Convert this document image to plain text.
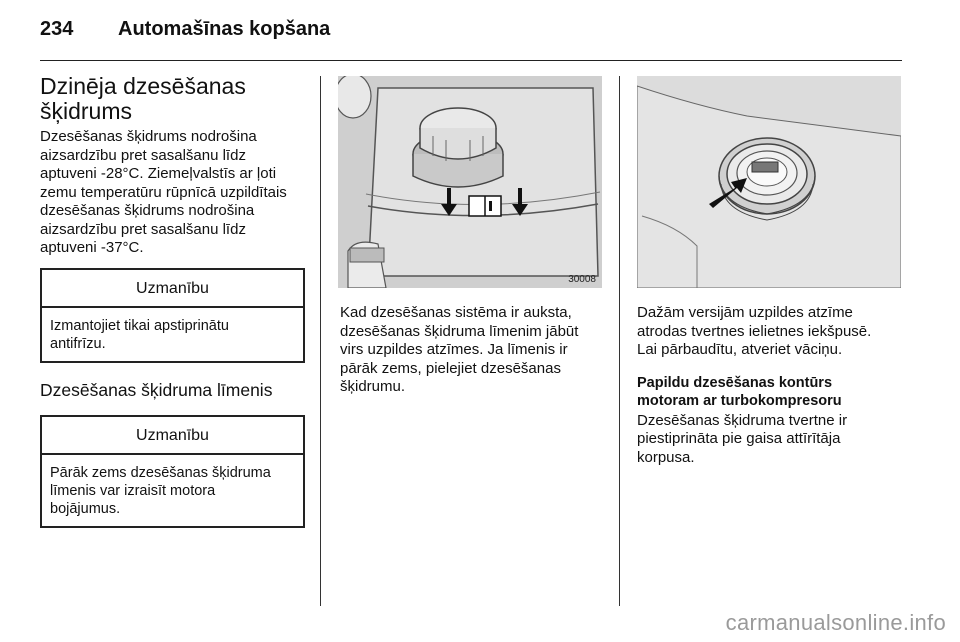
234	Automašīnas kopšana
Dzinēja dzesēšanas
šķidrums
Dzesēšanas šķidrums nodrošina
aizsardzību pret sasalšanu līdz
aptuveni -28°C. Ziemeļvalstīs ar ļoti
zemu temperatūru rūpnīcā uzpildītais
dzesēšanas šķidrums nodrošina
aizsardzību pret sasalšanu līdz
aptuveni -37°C.
Uzmanību
Izmantojiet tikai apstiprinātu
antifrīzu.
Dzesēšanas šķidruma līmenis
Uzmanību
Pārāk zems dzesēšanas šķidruma
līmenis var izraisīt motora
bojājumus.
30008
Kad dzesēšanas sistēma ir auksta,
dzesēšanas šķidruma līmenim jābūt
virs uzpildes atzīmes. Ja līmenis ir
pārāk zems, pielejiet dzesēšanas
šķidrumu.
Dažām versijām uzpildes atzīme
atrodas tvertnes ielietnes iekšpusē.
Lai pārbaudītu, atveriet vāciņu.
Papildu dzesēšanas kontūrs
motoram ar turbokompresoru
Dzesēšanas šķidruma tvertne ir
piestiprināta pie gaisa attīrītāja
korpusa.
carmanualsonline.info
